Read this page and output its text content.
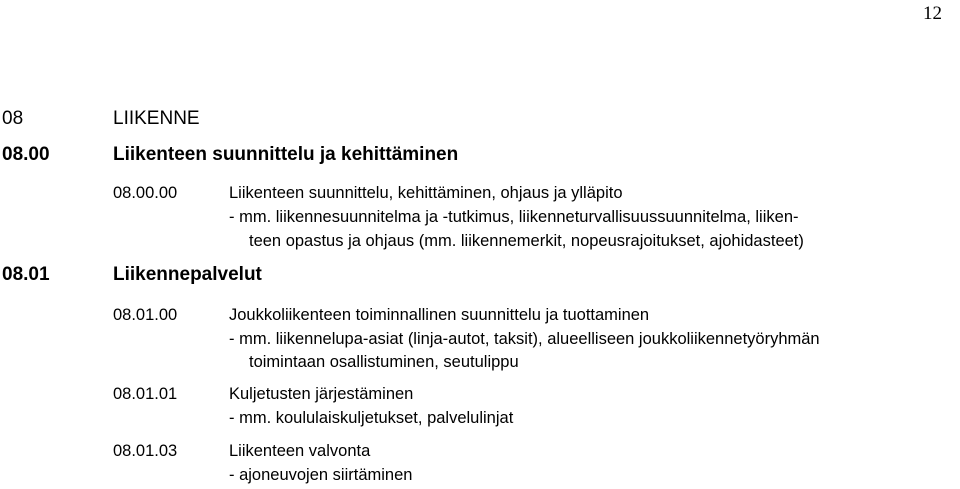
12
08	LIIKENNE
08.00	Liikenteen suunnittelu ja kehittäminen
08.00.00	Liikenteen suunnittelu, kehittäminen, ohjaus ja ylläpito
- mm. liikennesuunnitelma ja -tutkimus, liikenneturvallisuussuunnitelma, liiken-
teen opastus ja ohjaus (mm. liikennemerkit, nopeusrajoitukset, ajohidasteet)
08.01	Liikennepalvelut
08.01.00	Joukkoliikenteen toiminnallinen suunnittelu ja tuottaminen
- mm. liikennelupa-asiat (linja-autot, taksit), alueelliseen joukkoliikennetyöryhmän
toimintaan osallistuminen, seutulippu
08.01.01	Kuljetusten järjestäminen
- mm. koululaiskuljetukset, palvelulinjat
08.01.03	Liikenteen valvonta
- ajoneuvojen siirtäminen
